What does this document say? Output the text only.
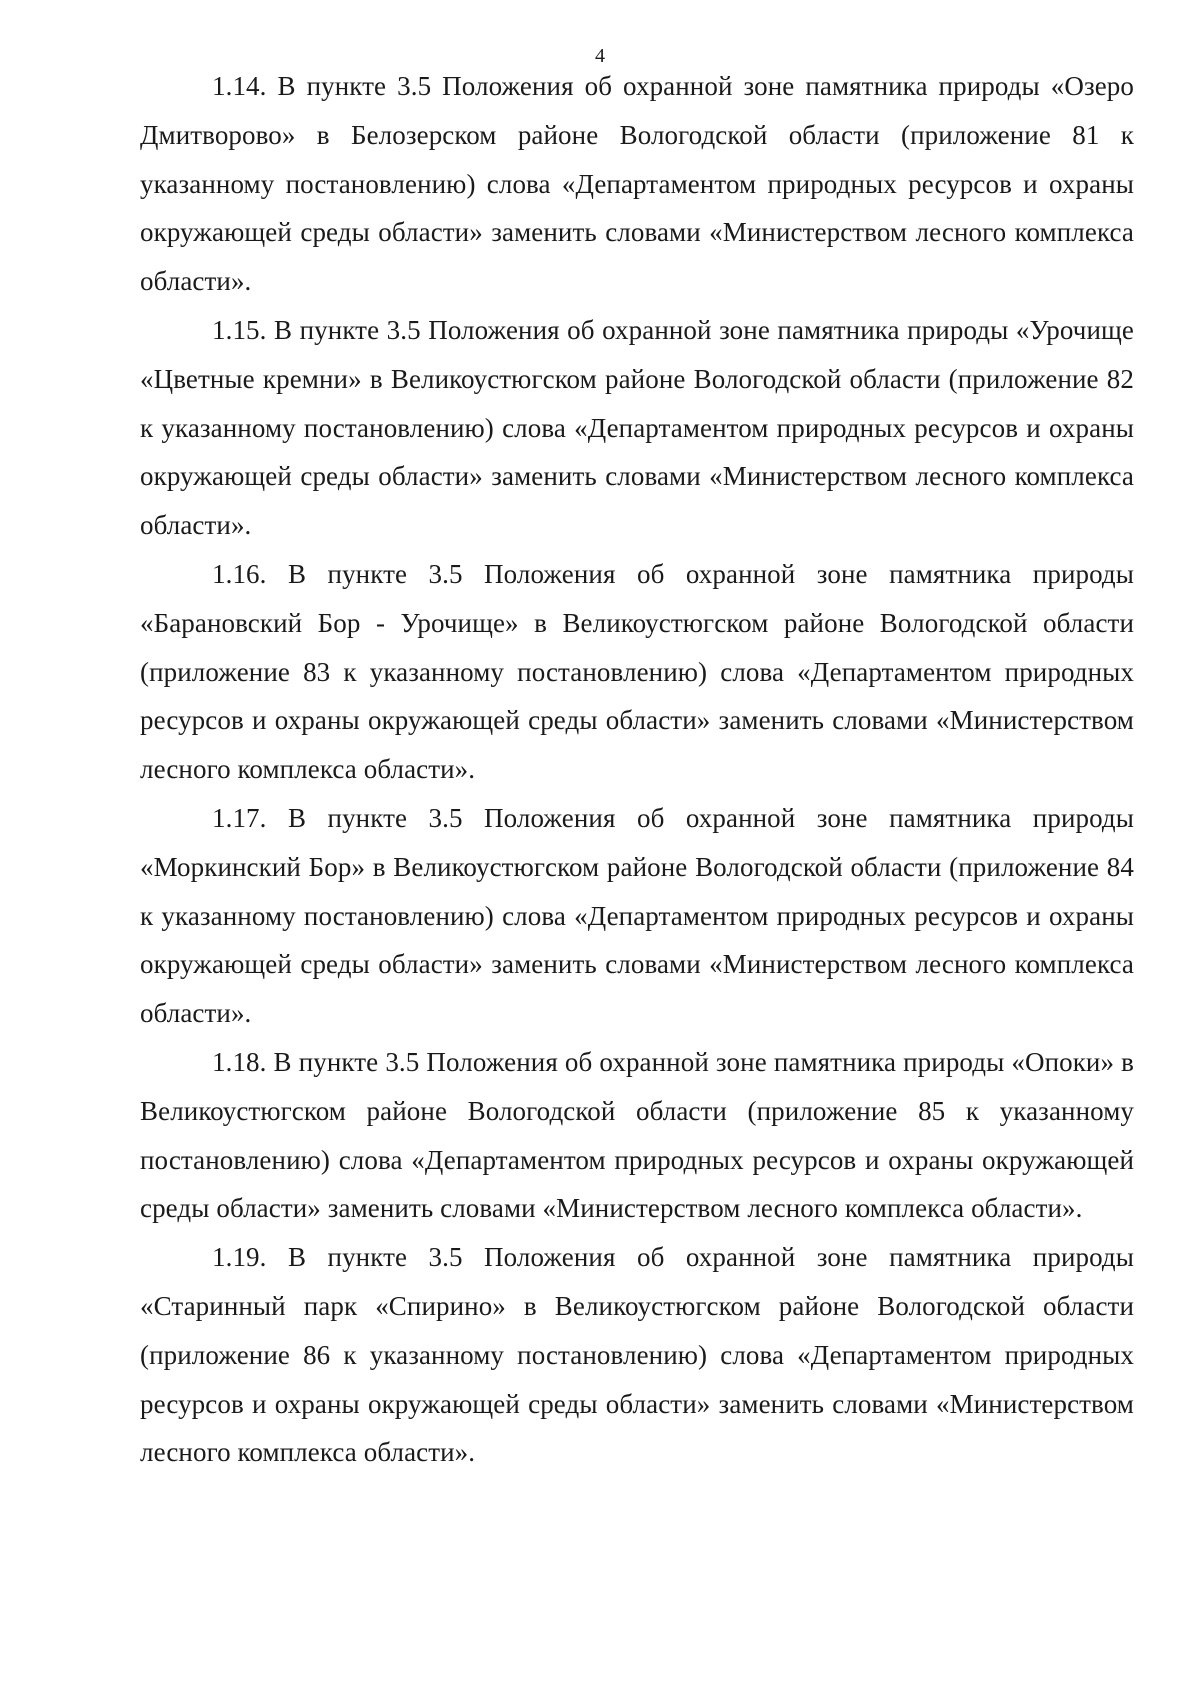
4

1.14. В пункте 3.5 Положения об охранной зоне памятника природы «Озеро Дмитворово» в Белозерском районе Вологодской области (приложение 81 к указанному постановлению) слова «Департаментом природных ресурсов и охраны окружающей среды области» заменить словами «Министерством лесного комплекса области».

1.15. В пункте 3.5 Положения об охранной зоне памятника природы «Урочище «Цветные кремни» в Великоустюгском районе Вологодской области (приложение 82 к указанному постановлению) слова «Департаментом природных ресурсов и охраны окружающей среды области» заменить словами «Министерством лесного комплекса области».

1.16. В пункте 3.5 Положения об охранной зоне памятника природы «Барановский Бор - Урочище» в Великоустюгском районе Вологодской области (приложение 83 к указанному постановлению) слова «Департаментом природных ресурсов и охраны окружающей среды области» заменить словами «Министерством лесного комплекса области».

1.17. В пункте 3.5 Положения об охранной зоне памятника природы «Моркинский Бор» в Великоустюгском районе Вологодской области (приложение 84 к указанному постановлению) слова «Департаментом природных ресурсов и охраны окружающей среды области» заменить словами «Министерством лесного комплекса области».

1.18. В пункте 3.5 Положения об охранной зоне памятника природы «Опоки» в Великоустюгском районе Вологодской области (приложение 85 к указанному постановлению) слова «Департаментом природных ресурсов и охраны окружающей среды области» заменить словами «Министерством лесного комплекса области».

1.19. В пункте 3.5 Положения об охранной зоне памятника природы «Старинный парк «Спирино» в Великоустюгском районе Вологодской области (приложение 86 к указанному постановлению) слова «Департаментом природных ресурсов и охраны окружающей среды области» заменить словами «Министерством лесного комплекса области».
